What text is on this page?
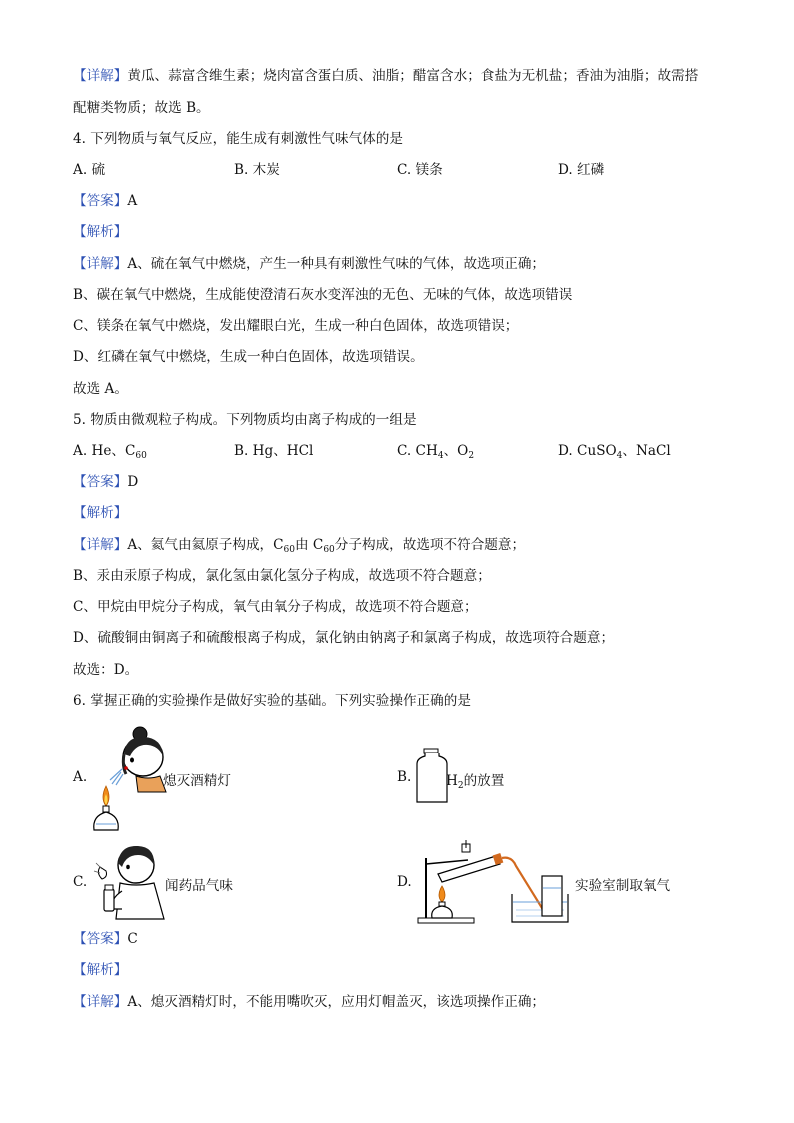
【详解】黄瓜、蒜富含维生素；烧肉富含蛋白质、油脂；醋富含水；食盐为无机盐；香油为油脂；故需搭
配糖类物质；故选 B。
4. 下列物质与氧气反应，能生成有刺激性气味气体的是
A. 硫	B. 木炭	C. 镁条	D. 红磷
【答案】A
【解析】
【详解】A、硫在氧气中燃烧，产生一种具有刺激性气味的气体，故选项正确；
B、碳在氧气中燃烧，生成能使澄清石灰水变浑浊的无色、无味的气体，故选项错误
C、镁条在氧气中燃烧，发出耀眼白光，生成一种白色固体，故选项错误；
D、红磷在氧气中燃烧，生成一种白色固体，故选项错误。
故选 A。
5. 物质由微观粒子构成。下列物质均由离子构成的一组是
A. He、$C_{60}$	B. Hg、HCl	C. $CH_4$、$O_2$	D. CuSO$_4$、NaCl
【答案】D
【解析】
【详解】A、氦气由氦原子构成，$C_{60}$由 $C_{60}$分子构成，故选项不符合题意；
B、汞由汞原子构成，氯化氢由氯化氢分子构成，故选项不符合题意；
C、甲烷由甲烷分子构成，氧气由氧分子构成，故选项不符合题意；
D、硫酸铜由铜离子和硫酸根离子构成，氯化钠由钠离子和氯离子构成，故选项符合题意；
故选：D。
6. 掌握正确的实验操作是做好实验的基础。下列实验操作正确的是
A.	熄灭酒精灯	B.	$H_2$的放置
C.	闻药品气味	D.	实验室制取氧气
【答案】C
【解析】
【详解】A、熄灭酒精灯时，不能用嘴吹灭，应用灯帽盖灭，该选项操作正确；
